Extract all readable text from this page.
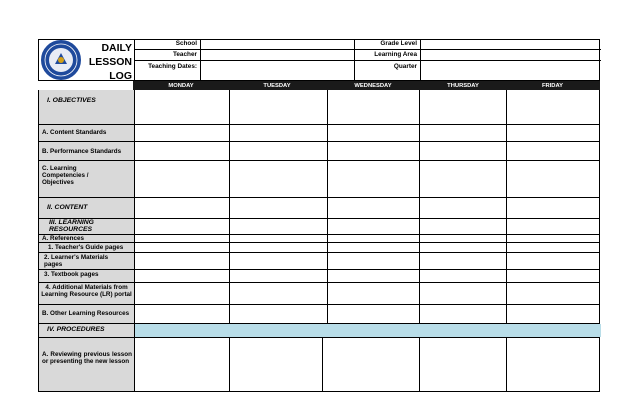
DAILY
LESSON
LOG
School
Teacher
Teaching Dates:
Grade Level
Learning Area
Quarter
MONDAY	TUESDAY	WEDNESDAY	THURSDAY	FRIDAY
I. OBJECTIVES
A. Content Standards
B. Performance Standards
C. Learning Competencies / Objectives
II. CONTENT
III. LEARNING RESOURCES
A. References
1. Teacher's Guide pages
2. Learner's Materials pages
3. Textbook pages
4. Additional Materials from Learning Resource (LR) portal
B. Other Learning Resources
IV. PROCEDURES
A. Reviewing previous lesson or presenting the new lesson
